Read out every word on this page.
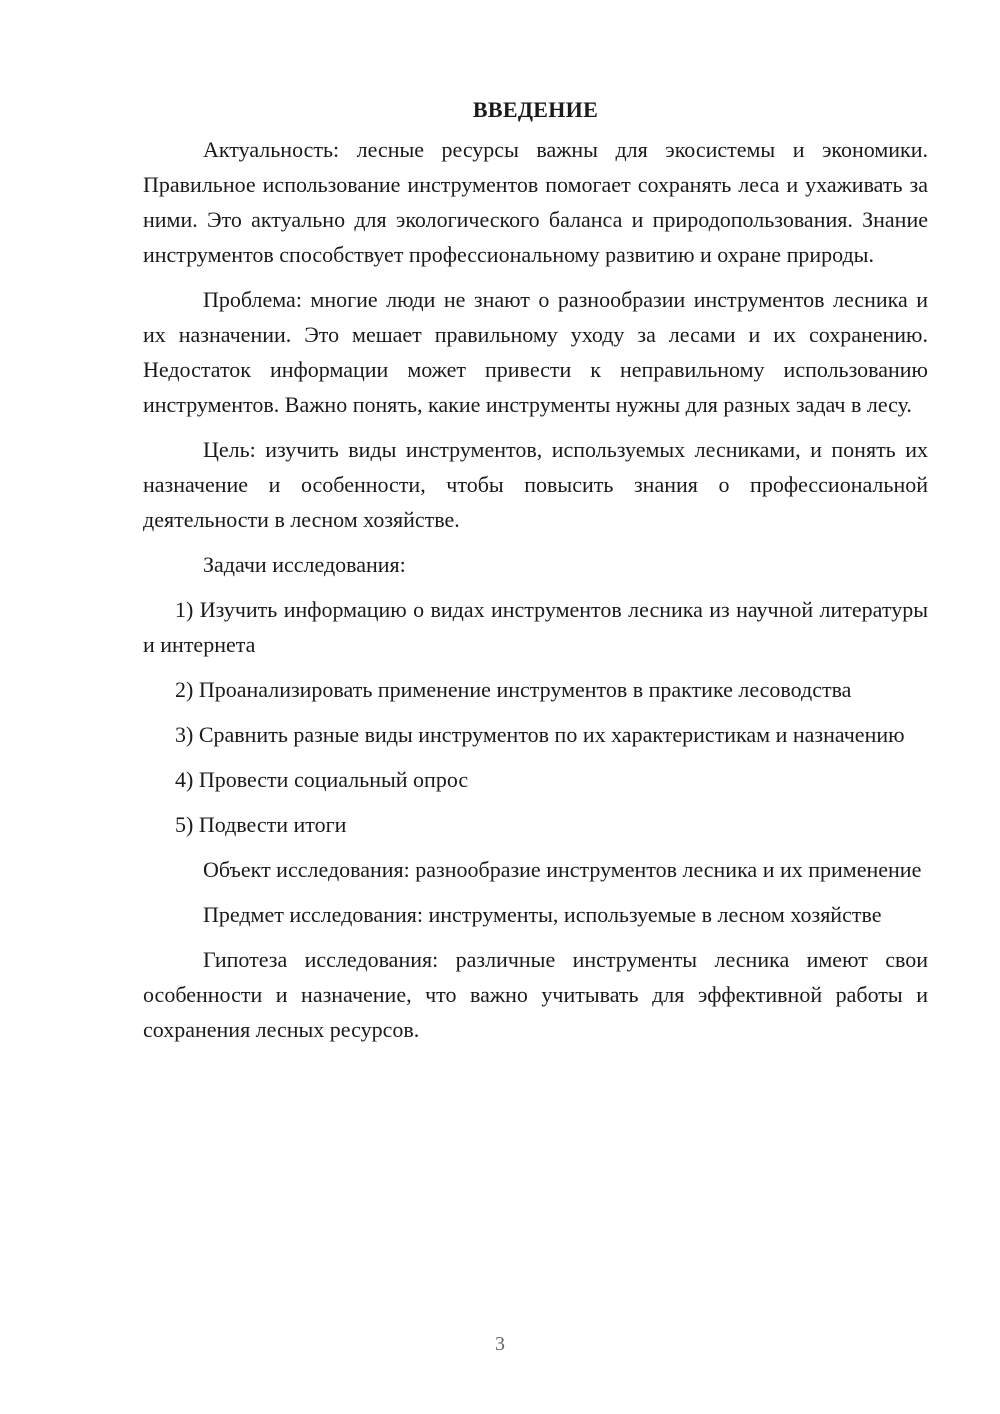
ВВЕДЕНИЕ

Актуальность: лесные ресурсы важны для экосистемы и экономики. Правильное использование инструментов помогает сохранять леса и ухаживать за ними. Это актуально для экологического баланса и природопользования. Знание инструментов способствует профессиональному развитию и охране природы.

Проблема: многие люди не знают о разнообразии инструментов лесника и их назначении. Это мешает правильному уходу за лесами и их сохранению. Недостаток информации может привести к неправильному использованию инструментов. Важно понять, какие инструменты нужны для разных задач в лесу.

Цель: изучить виды инструментов, используемых лесниками, и понять их назначение и особенности, чтобы повысить знания о профессиональной деятельности в лесном хозяйстве.

Задачи исследования:

1) Изучить информацию о видах инструментов лесника из научной литературы и интернета

2) Проанализировать применение инструментов в практике лесоводства

3) Сравнить разные виды инструментов по их характеристикам и назначению

4) Провести социальный опрос

5) Подвести итоги

Объект исследования: разнообразие инструментов лесника и их применение

Предмет исследования: инструменты, используемые в лесном хозяйстве

Гипотеза исследования: различные инструменты лесника имеют свои особенности и назначение, что важно учитывать для эффективной работы и сохранения лесных ресурсов.

3
